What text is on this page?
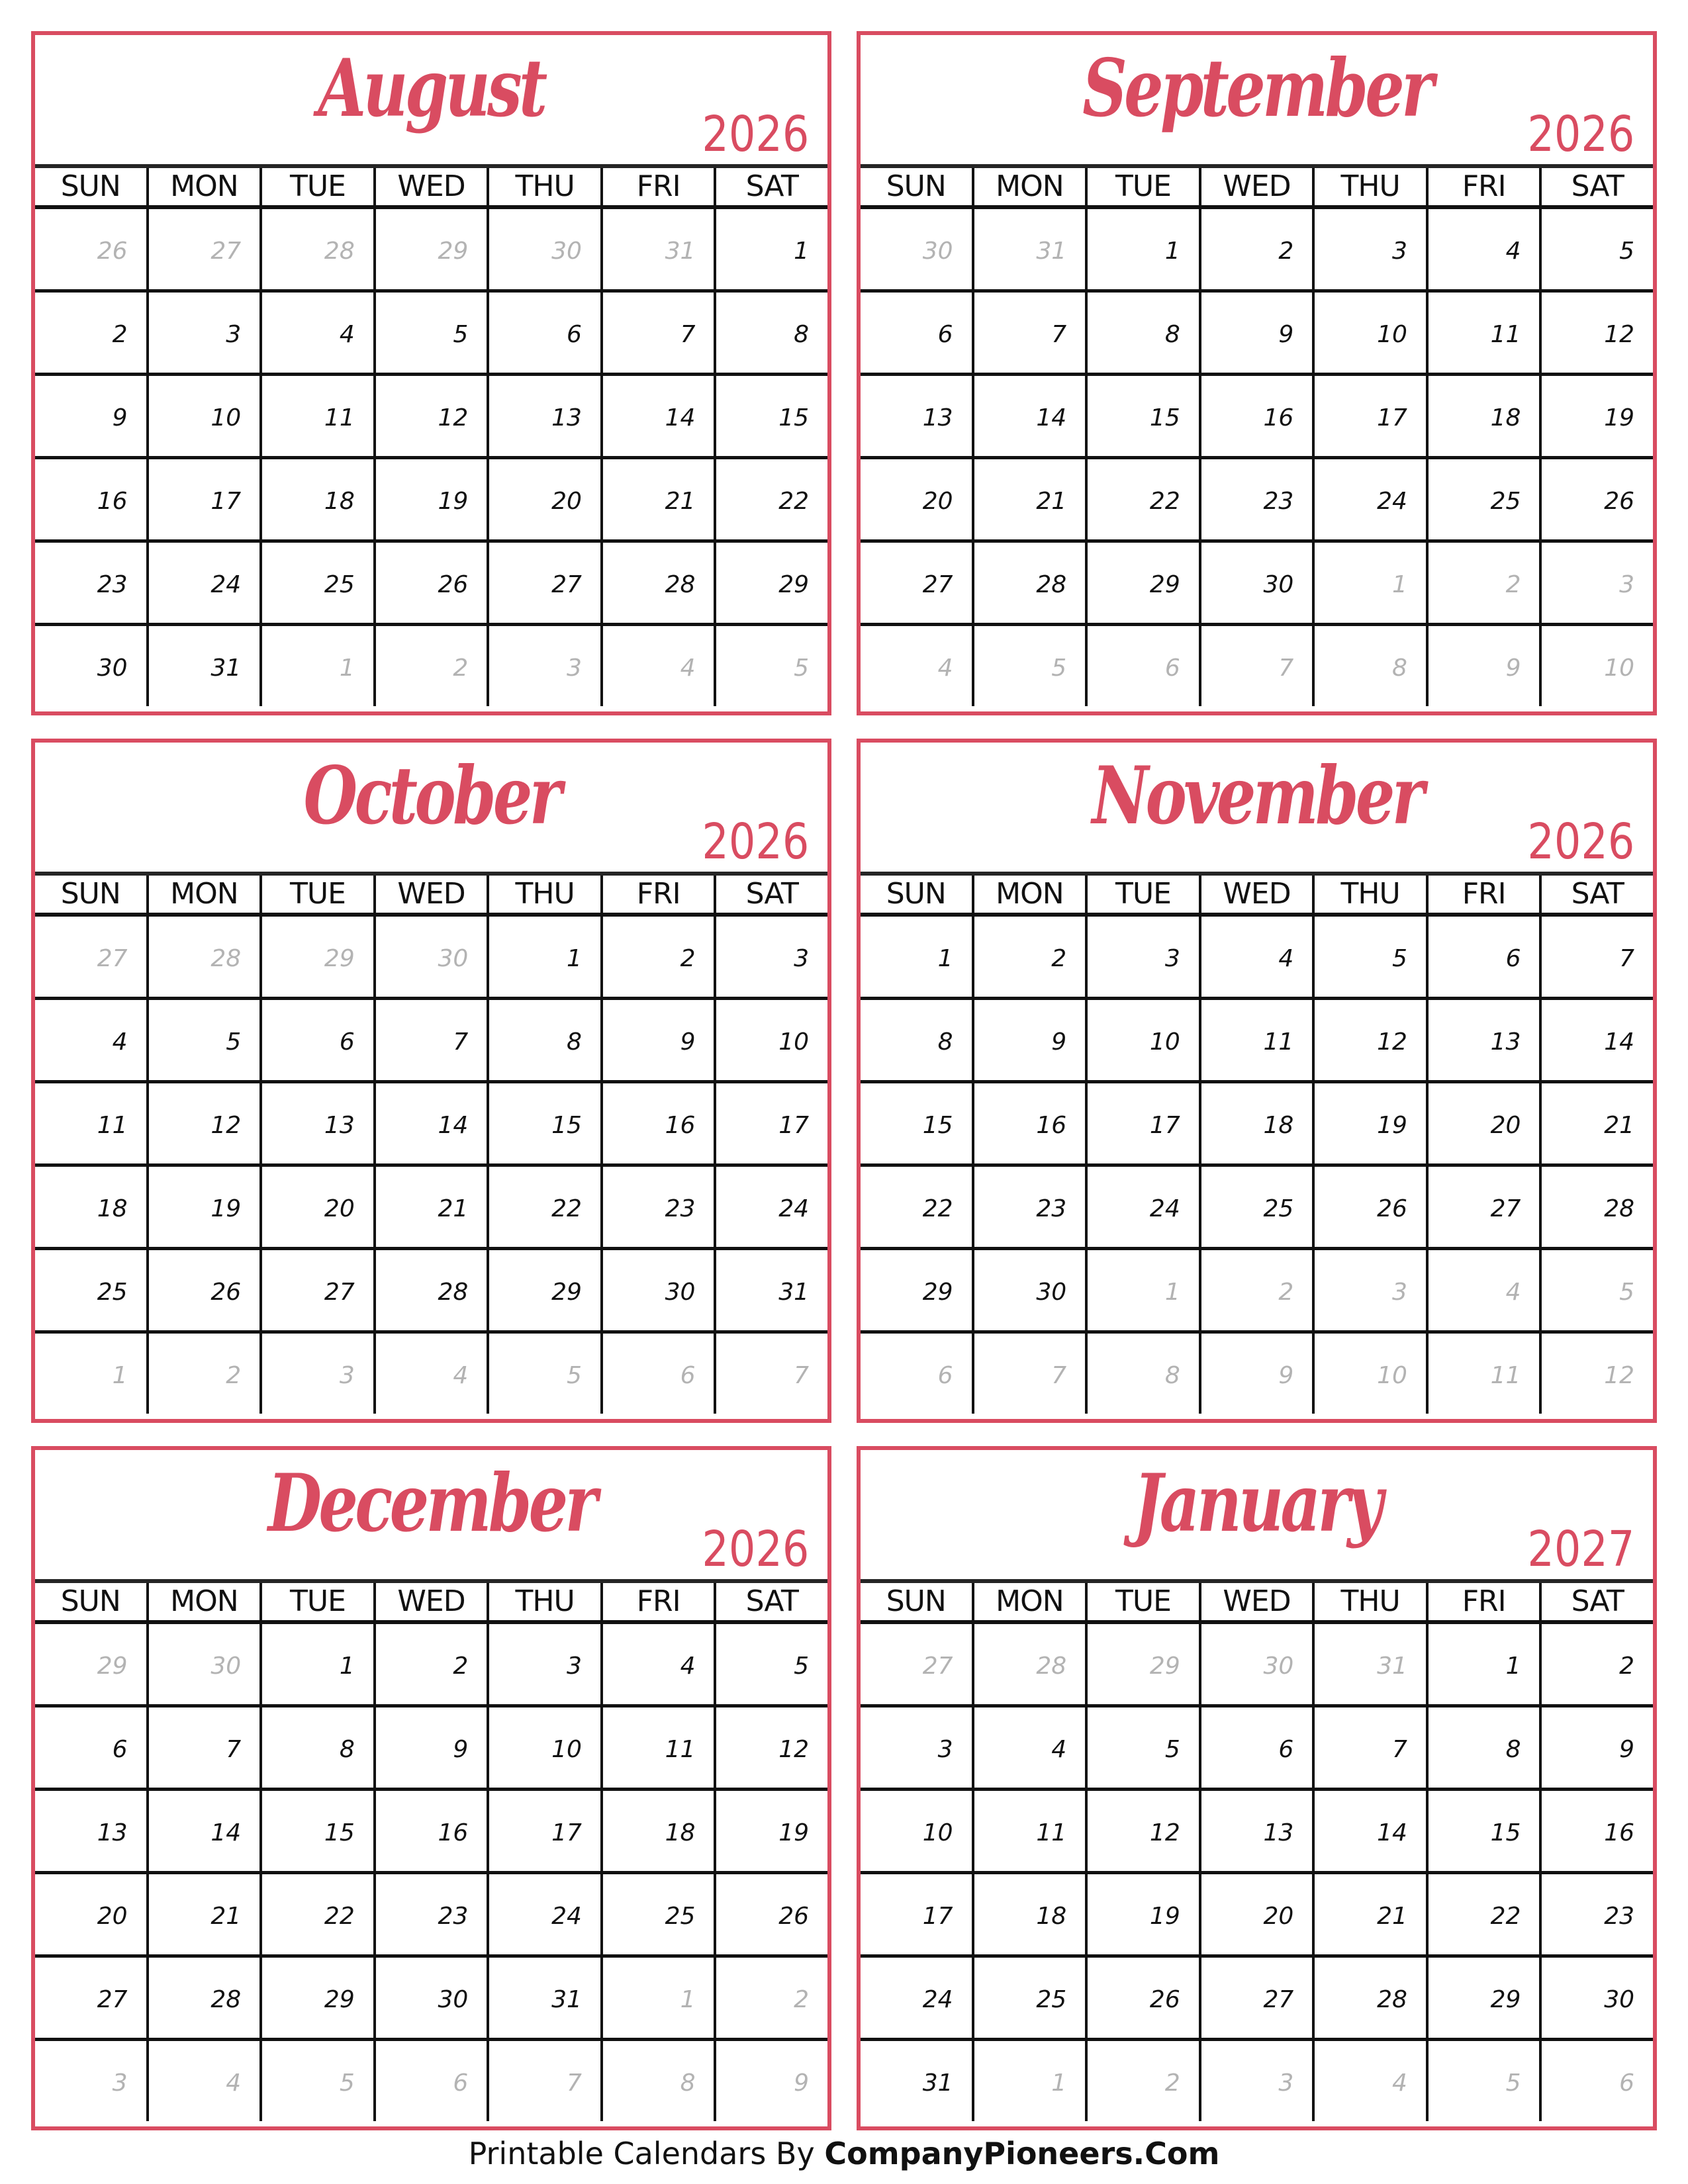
August	2026
SUN	MON	TUE	WED	THU	FRI	SAT
26	27	28	29	30	31	1
2	3	4	5	6	7	8
9	10	11	12	13	14	15
16	17	18	19	20	21	22
23	24	25	26	27	28	29
30	31	1	2	3	4	5
September	2026
SUN	MON	TUE	WED	THU	FRI	SAT
30	31	1	2	3	4	5
6	7	8	9	10	11	12
13	14	15	16	17	18	19
20	21	22	23	24	25	26
27	28	29	30	1	2	3
4	5	6	7	8	9	10
October	2026
SUN	MON	TUE	WED	THU	FRI	SAT
27	28	29	30	1	2	3
4	5	6	7	8	9	10
11	12	13	14	15	16	17
18	19	20	21	22	23	24
25	26	27	28	29	30	31
1	2	3	4	5	6	7
November	2026
SUN	MON	TUE	WED	THU	FRI	SAT
1	2	3	4	5	6	7
8	9	10	11	12	13	14
15	16	17	18	19	20	21
22	23	24	25	26	27	28
29	30	1	2	3	4	5
6	7	8	9	10	11	12
December	2026
SUN	MON	TUE	WED	THU	FRI	SAT
29	30	1	2	3	4	5
6	7	8	9	10	11	12
13	14	15	16	17	18	19
20	21	22	23	24	25	26
27	28	29	30	31	1	2
3	4	5	6	7	8	9
January	2027
SUN	MON	TUE	WED	THU	FRI	SAT
27	28	29	30	31	1	2
3	4	5	6	7	8	9
10	11	12	13	14	15	16
17	18	19	20	21	22	23
24	25	26	27	28	29	30
31	1	2	3	4	5	6
Printable Calendars By CompanyPioneers.Com
